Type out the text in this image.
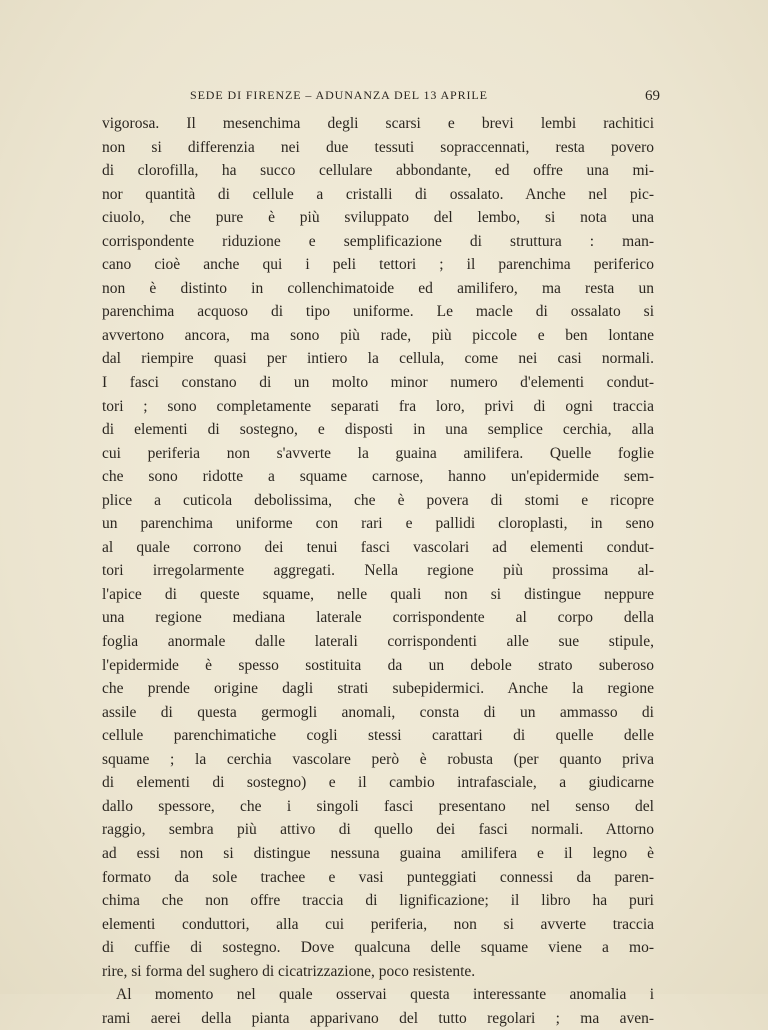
SEDE DI FIRENZE – ADUNANZA DEL 13 APRILE	69
vigorosa. Il mesenchima degli scarsi e brevi lembi rachitici
non si differenzia nei due tessuti sopraccennati, resta povero
di clorofilla, ha succo cellulare abbondante, ed offre una mi-
nor quantità di cellule a cristalli di ossalato. Anche nel pic-
ciuolo, che pure è più sviluppato del lembo, si nota una
corrispondente riduzione e semplificazione di struttura : man-
cano cioè anche qui i peli tettori ; il parenchima periferico
non è distinto in collenchimatoide ed amilifero, ma resta un
parenchima acquoso di tipo uniforme. Le macle di ossalato si
avvertono ancora, ma sono più rade, più piccole e ben lontane
dal riempire quasi per intiero la cellula, come nei casi normali.
I fasci constano di un molto minor numero d'elementi condut-
tori ; sono completamente separati fra loro, privi di ogni traccia
di elementi di sostegno, e disposti in una semplice cerchia, alla
cui periferia non s'avverte la guaina amilifera. Quelle foglie
che sono ridotte a squame carnose, hanno un'epidermide sem-
plice a cuticola debolissima, che è povera di stomi e ricopre
un parenchima uniforme con rari e pallidi cloroplasti, in seno
al quale corrono dei tenui fasci vascolari ad elementi condut-
tori irregolarmente aggregati. Nella regione più prossima al-
l'apice di queste squame, nelle quali non si distingue neppure
una regione mediana laterale corrispondente al corpo della
foglia anormale dalle laterali corrispondenti alle sue stipule,
l'epidermide è spesso sostituita da un debole strato suberoso
che prende origine dagli strati subepidermici. Anche la regione
assile di questa germogli anomali, consta di un ammasso di
cellule parenchimatiche cogli stessi carattari di quelle delle
squame ; la cerchia vascolare però è robusta (per quanto priva
di elementi di sostegno) e il cambio intrafasciale, a giudicarne
dallo spessore, che i singoli fasci presentano nel senso del
raggio, sembra più attivo di quello dei fasci normali. Attorno
ad essi non si distingue nessuna guaina amilifera e il legno è
formato da sole trachee e vasi punteggiati connessi da paren-
chima che non offre traccia di lignificazione; il libro ha puri
elementi conduttori, alla cui periferia, non si avverte traccia
di cuffie di sostegno. Dove qualcuna delle squame viene a mo-
rire, si forma del sughero di cicatrizzazione, poco resistente.
Al momento nel quale osservai questa interessante anomalia i
rami aerei della pianta apparivano del tutto regolari ; ma aven-
